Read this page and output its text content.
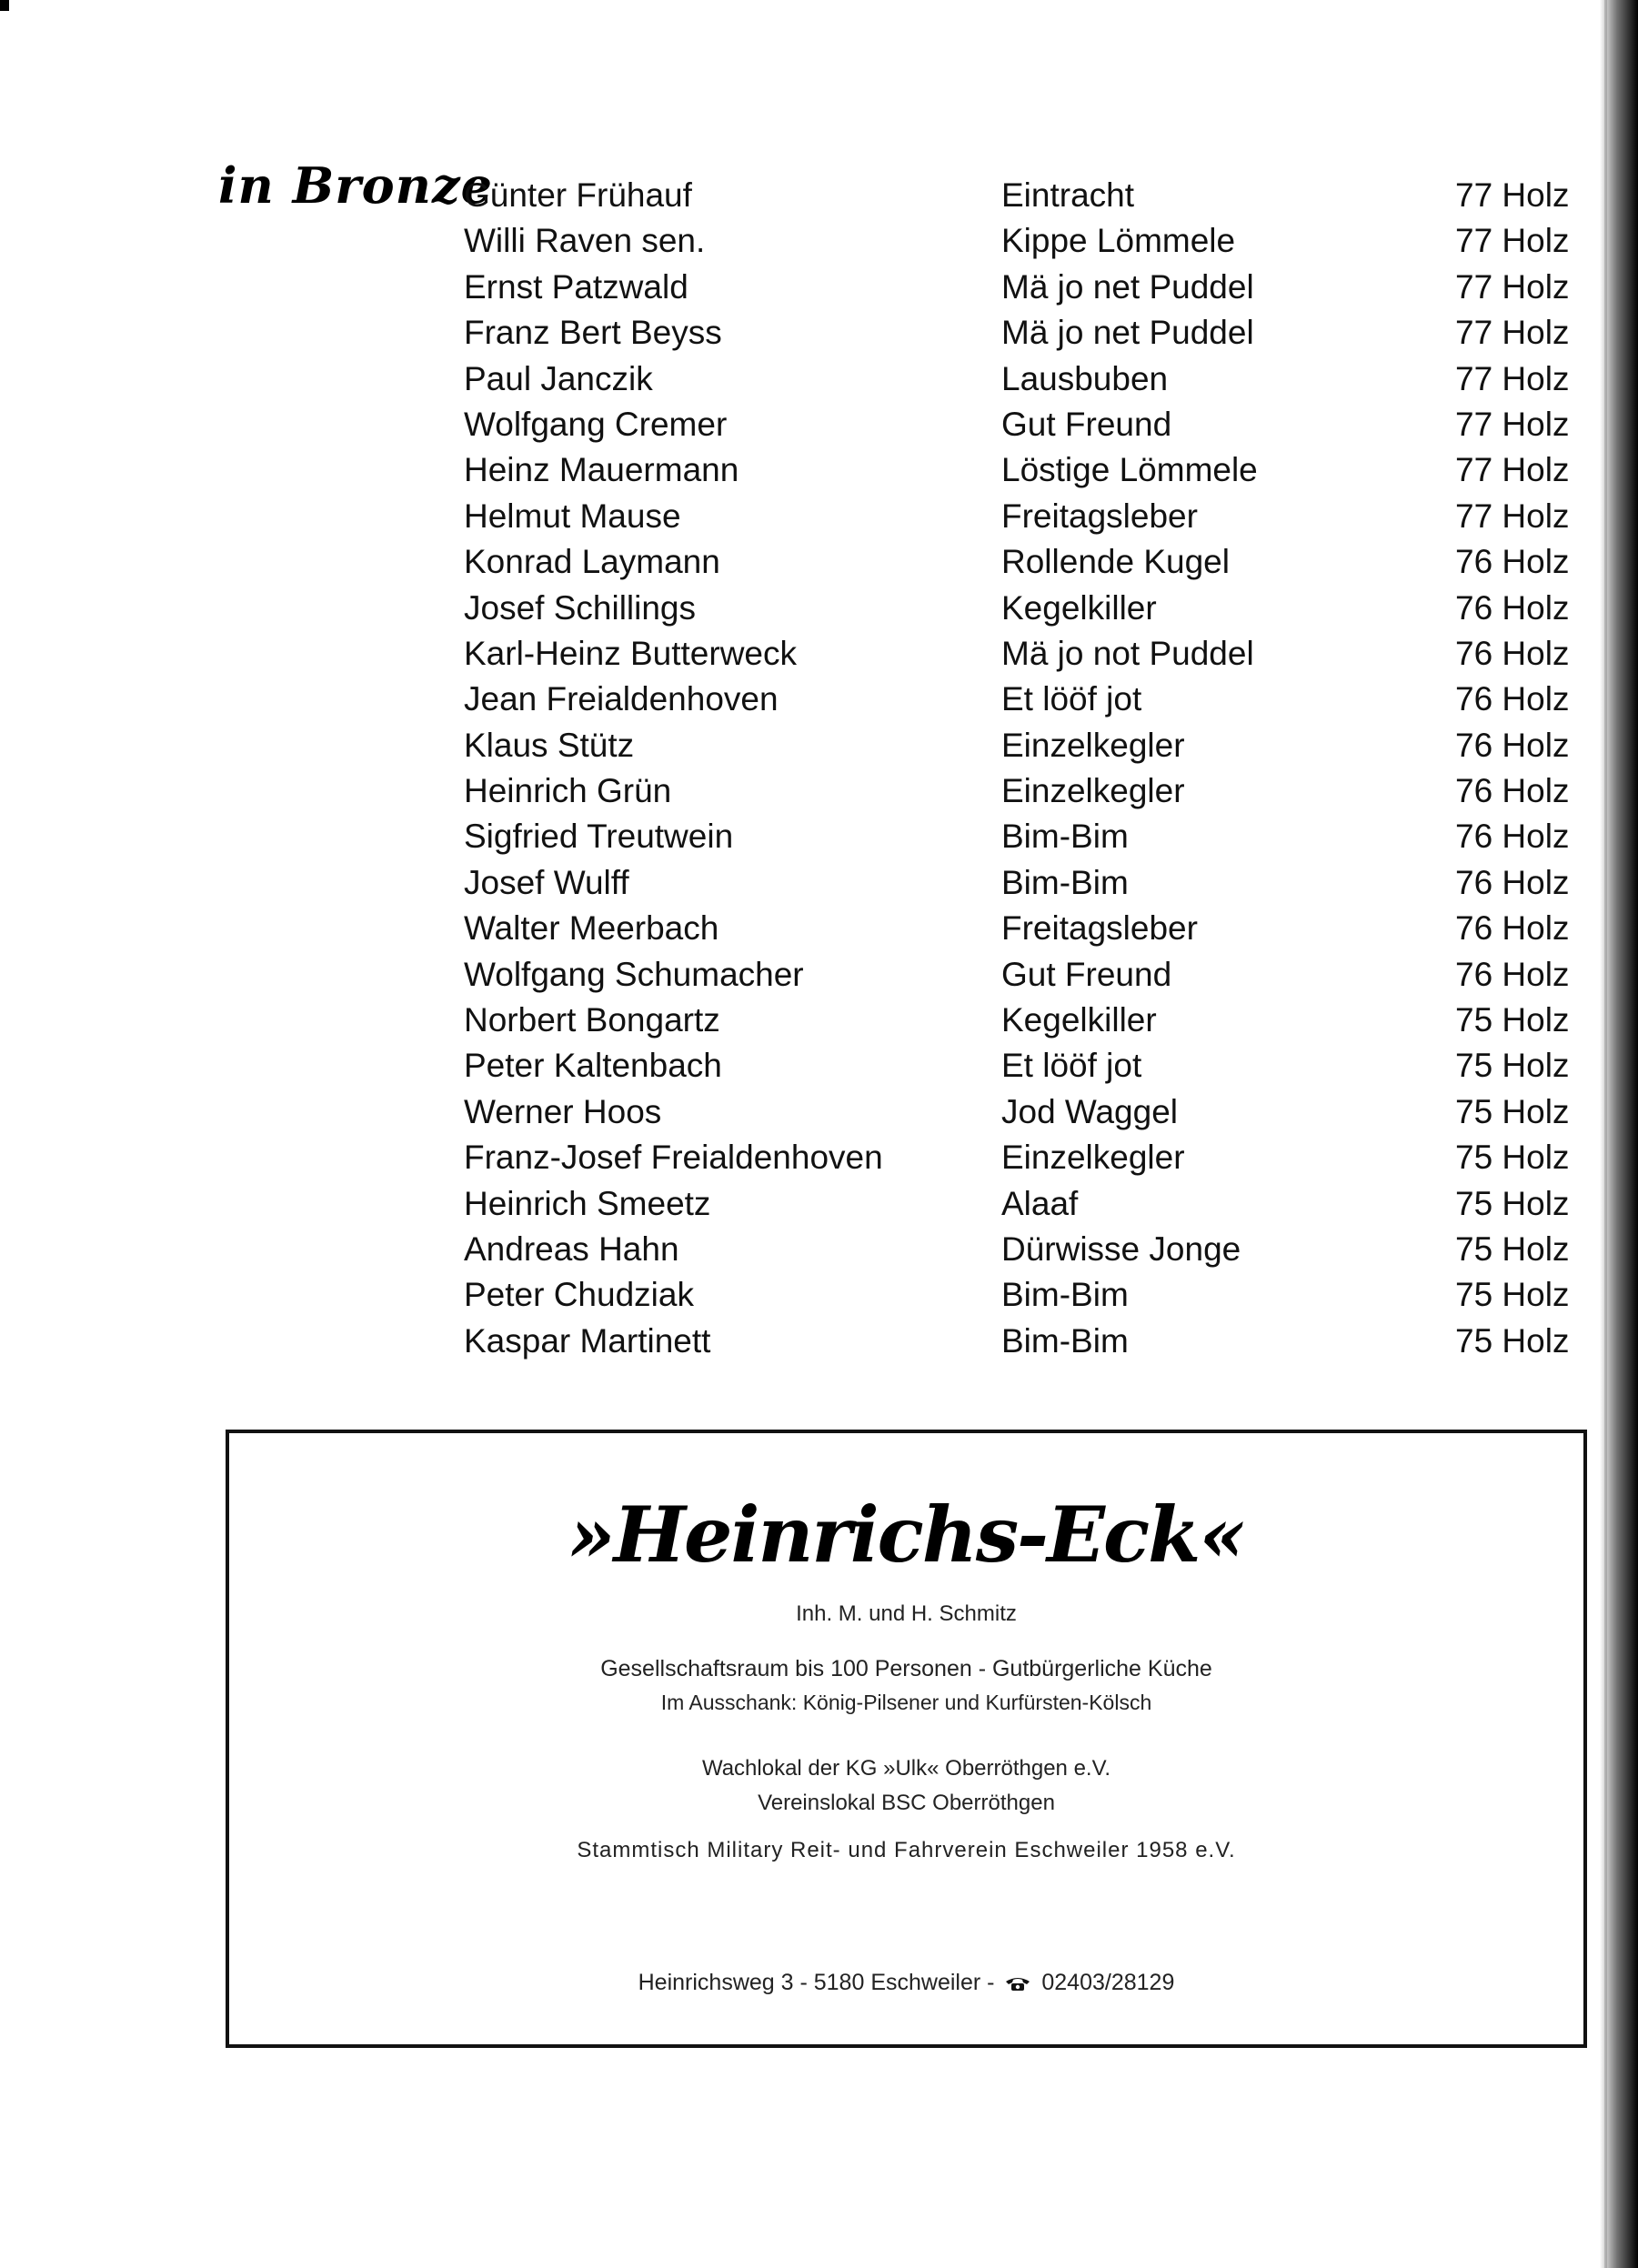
in Bronze
Günter Frühauf	Eintracht	77 Holz
Willi Raven sen.	Kippe Lömmele	77 Holz
Ernst Patzwald	Mä jo net Puddel	77 Holz
Franz Bert Beyss	Mä jo net Puddel	77 Holz
Paul Janczik	Lausbuben	77 Holz
Wolfgang Cremer	Gut Freund	77 Holz
Heinz Mauermann	Löstige Lömmele	77 Holz
Helmut Mause	Freitagsleber	77 Holz
Konrad Laymann	Rollende Kugel	76 Holz
Josef Schillings	Kegelkiller	76 Holz
Karl-Heinz Butterweck	Mä jo not Puddel	76 Holz
Jean Freialdenhoven	Et lööf jot	76 Holz
Klaus Stütz	Einzelkegler	76 Holz
Heinrich Grün	Einzelkegler	76 Holz
Sigfried Treutwein	Bim-Bim	76 Holz
Josef Wulff	Bim-Bim	76 Holz
Walter Meerbach	Freitagsleber	76 Holz
Wolfgang Schumacher	Gut Freund	76 Holz
Norbert Bongartz	Kegelkiller	75 Holz
Peter Kaltenbach	Et lööf jot	75 Holz
Werner Hoos	Jod Waggel	75 Holz
Franz-Josef Freialdenhoven	Einzelkegler	75 Holz
Heinrich Smeetz	Alaaf	75 Holz
Andreas Hahn	Dürwisse Jonge	75 Holz
Peter Chudziak	Bim-Bim	75 Holz
Kaspar Martinett	Bim-Bim	75 Holz
»Heinrichs-Eck«
Inh. M. und H. Schmitz
Gesellschaftsraum bis 100 Personen - Gutbürgerliche Küche
Im Ausschank: König-Pilsener und Kurfürsten-Kölsch
Wachlokal der KG »Ulk« Oberröthgen e.V.
Vereinslokal BSC Oberröthgen
Stammtisch Military Reit- und Fahrverein Eschweiler 1958 e.V.
Heinrichsweg 3 - 5180 Eschweiler - 02403/28129
